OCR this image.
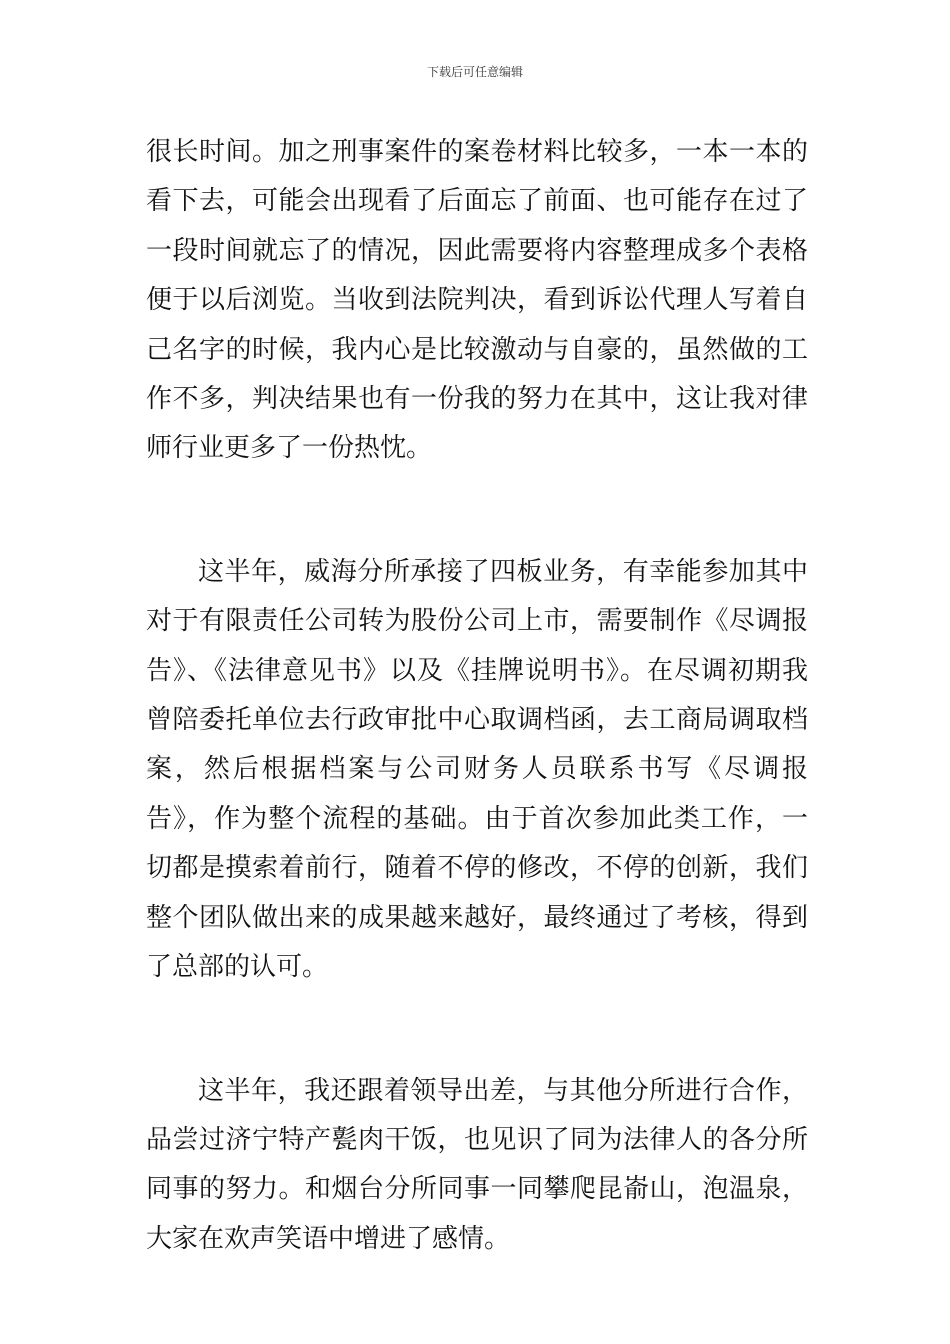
下载后可任意编辑

很长时间。加之刑事案件的案卷材料比较多，一本一本的看下去，可能会出现看了后面忘了前面、也可能存在过了一段时间就忘了的情况，因此需要将内容整理成多个表格便于以后浏览。当收到法院判决，看到诉讼代理人写着自己名字的时候，我内心是比较激动与自豪的，虽然做的工作不多，判决结果也有一份我的努力在其中，这让我对律师行业更多了一份热忱。

这半年，威海分所承接了四板业务，有幸能参加其中对于有限责任公司转为股份公司上市，需要制作《尽调报告》、《法律意见书》以及《挂牌说明书》。在尽调初期我曾陪委托单位去行政审批中心取调档函，去工商局调取档案，然后根据档案与公司财务人员联系书写《尽调报告》，作为整个流程的基础。由于首次参加此类工作，一切都是摸索着前行，随着不停的修改，不停的创新，我们整个团队做出来的成果越来越好，最终通过了考核，得到了总部的认可。

这半年，我还跟着领导出差，与其他分所进行合作，品尝过济宁特产甏肉干饭，也见识了同为法律人的各分所同事的努力。和烟台分所同事一同攀爬昆嵛山，泡温泉，大家在欢声笑语中增进了感情。
